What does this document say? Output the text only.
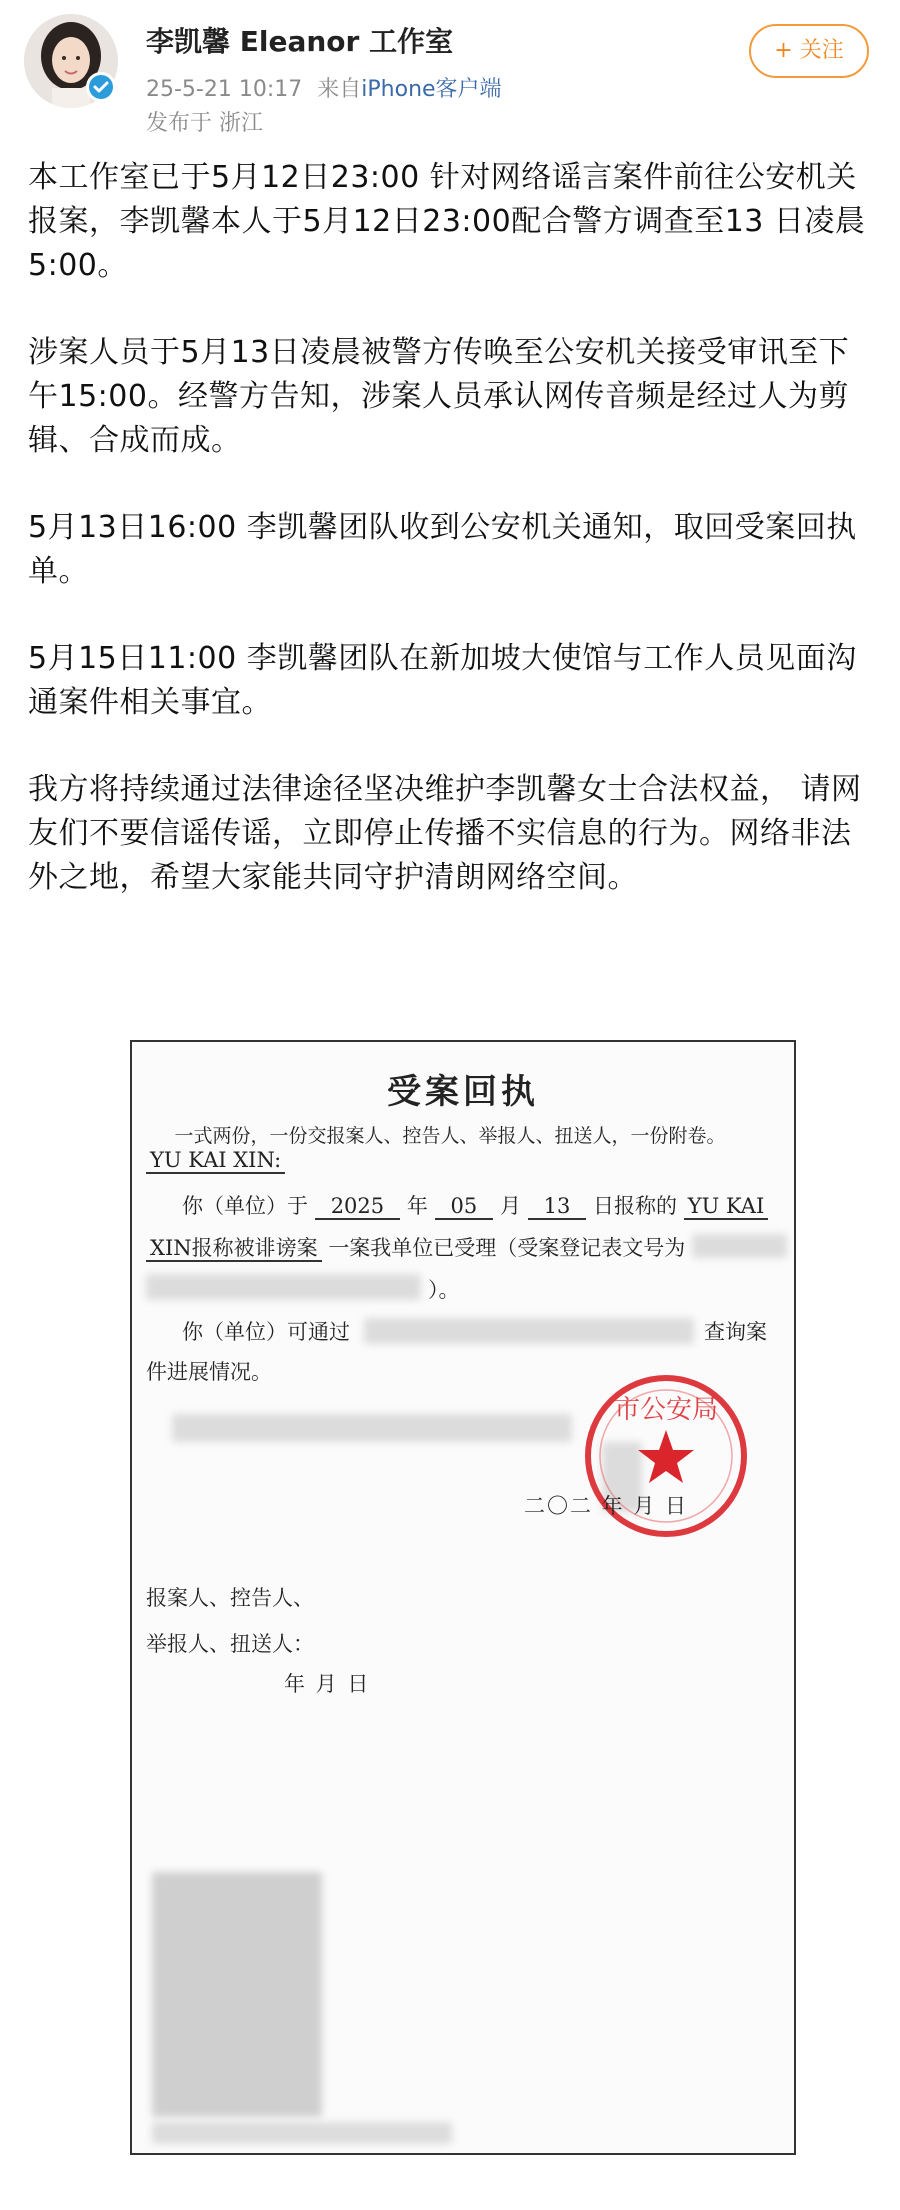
李凯馨 Eleanor 工作室
25-5-21 10:17 来自iPhone客户端
发布于 浙江
+ 关注

本工作室已于5月12日23:00 针对网络谣言案件前往公安机关报案，李凯馨本人于5月12日23:00配合警方调查至13 日凌晨5:00。

涉案人员于5月13日凌晨被警方传唤至公安机关接受审讯至下午15:00。经警方告知，涉案人员承认网传音频是经过人为剪辑、合成而成。

5月13日16:00 李凯馨团队收到公安机关通知，取回受案回执单。

5月15日11:00 李凯馨团队在新加坡大使馆与工作人员见面沟通案件相关事宜。

我方将持续通过法律途径坚决维护李凯馨女士合法权益， 请网友们不要信谣传谣，立即停止传播不实信息的行为。网络非法外之地，希望大家能共同守护清朗网络空间。

受案回执
YU KAI XIN:
你（单位）于 2025 年 05 月 13 日报称的 YU KAI
XIN报称被诽谤案 一案我单位已受理（受案登记表文号为
）。
你（单位）可通过	查询案
件进展情况。
市公安局
二〇二 年 月 日
报案人、控告人、
举报人、扭送人：
年 月 日
一式两份，一份交报案人、控告人、举报人、扭送人，一份附卷。
